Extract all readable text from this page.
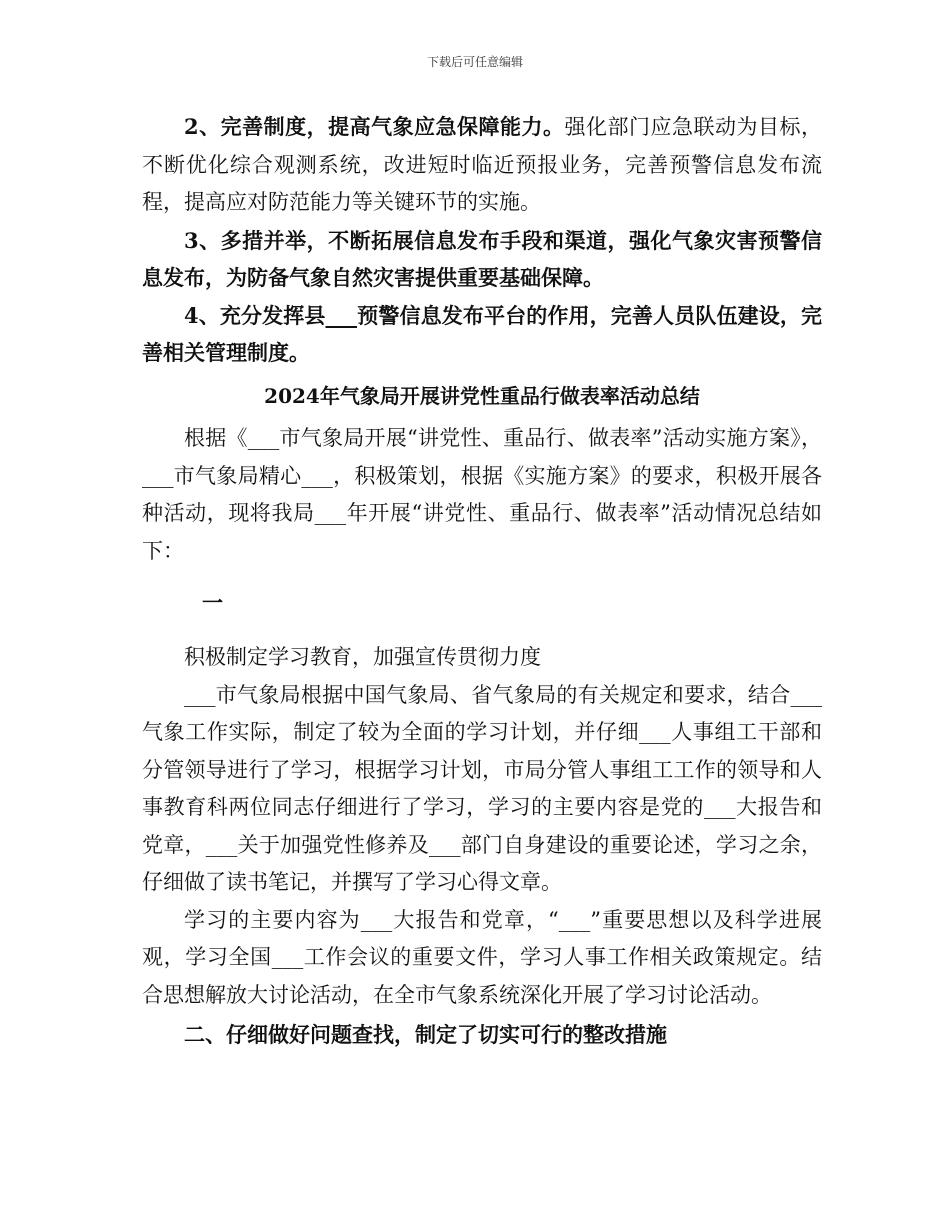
下载后可任意编辑

2、完善制度，提高气象应急保障能力。强化部门应急联动为目标，不断优化综合观测系统，改进短时临近预报业务，完善预警信息发布流程，提高应对防范能力等关键环节的实施。

3、多措并举，不断拓展信息发布手段和渠道，强化气象灾害预警信息发布，为防备气象自然灾害提供重要基础保障。

4、充分发挥县___预警信息发布平台的作用，完善人员队伍建设，完善相关管理制度。

2024年气象局开展讲党性重品行做表率活动总结

根据《___市气象局开展“讲党性、重品行、做表率”活动实施方案》，___市气象局精心___，积极策划，根据《实施方案》的要求，积极开展各种活动，现将我局___年开展“讲党性、重品行、做表率”活动情况总结如下：

一

积极制定学习教育，加强宣传贯彻力度

___市气象局根据中国气象局、省气象局的有关规定和要求，结合___气象工作实际，制定了较为全面的学习计划，并仔细___人事组工干部和分管领导进行了学习，根据学习计划，市局分管人事组工工作的领导和人事教育科两位同志仔细进行了学习，学习的主要内容是党的___大报告和党章，___关于加强党性修养及___部门自身建设的重要论述，学习之余，仔细做了读书笔记，并撰写了学习心得文章。

学习的主要内容为___大报告和党章，“___”重要思想以及科学进展观，学习全国___工作会议的重要文件，学习人事工作相关政策规定。结合思想解放大讨论活动，在全市气象系统深化开展了学习讨论活动。

二、仔细做好问题查找，制定了切实可行的整改措施
